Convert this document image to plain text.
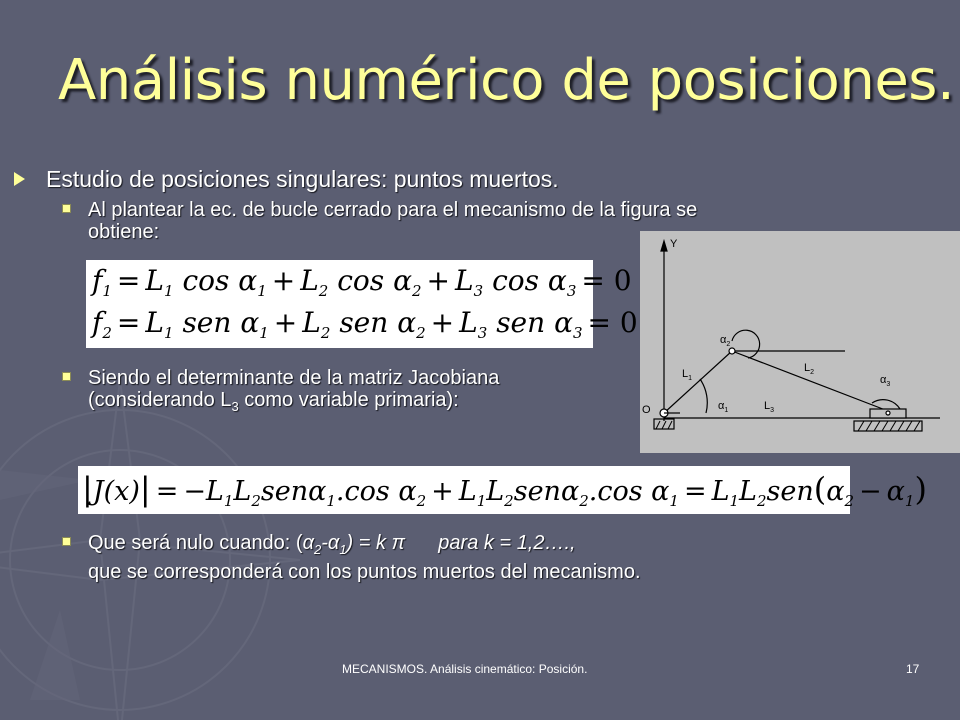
Análisis numérico de posiciones.
Estudio de posiciones singulares: puntos muertos.
Al plantear la ec. de bucle cerrado para el mecanismo de la figura se obtiene:
$f_1 = L_1$ $\cos \alpha_1 + L_2$ $\cos \alpha_2 + L_3$ $\cos \alpha_3 = 0$
$f_2 = L_1$ sen $\alpha_1 + L_2$ sen $\alpha_2 + L_3$ sen $\alpha_3 = 0$
Siendo el determinante de la matriz Jacobiana
(considerando $L_3$ como variable primaria):
Y
O
$L_1$
$L_2$
$L_3$
$\alpha_1$
$\alpha_2$
$\alpha_3$
$|J(x)| = -L_1L_2sen\alpha_1.\cos$ $\alpha_2 + L_1L_2sen\alpha_2.\cos$ $\alpha_1 = L_1L_2sen(\alpha_2 - \alpha_1)$
Que será nulo cuando: $(\alpha_2-\alpha_1) = k$ π      para k = 1,2….,
que se corresponderá con los puntos muertos del mecanismo.
MECANISMOS. Análisis cinemático: Posición.	17
